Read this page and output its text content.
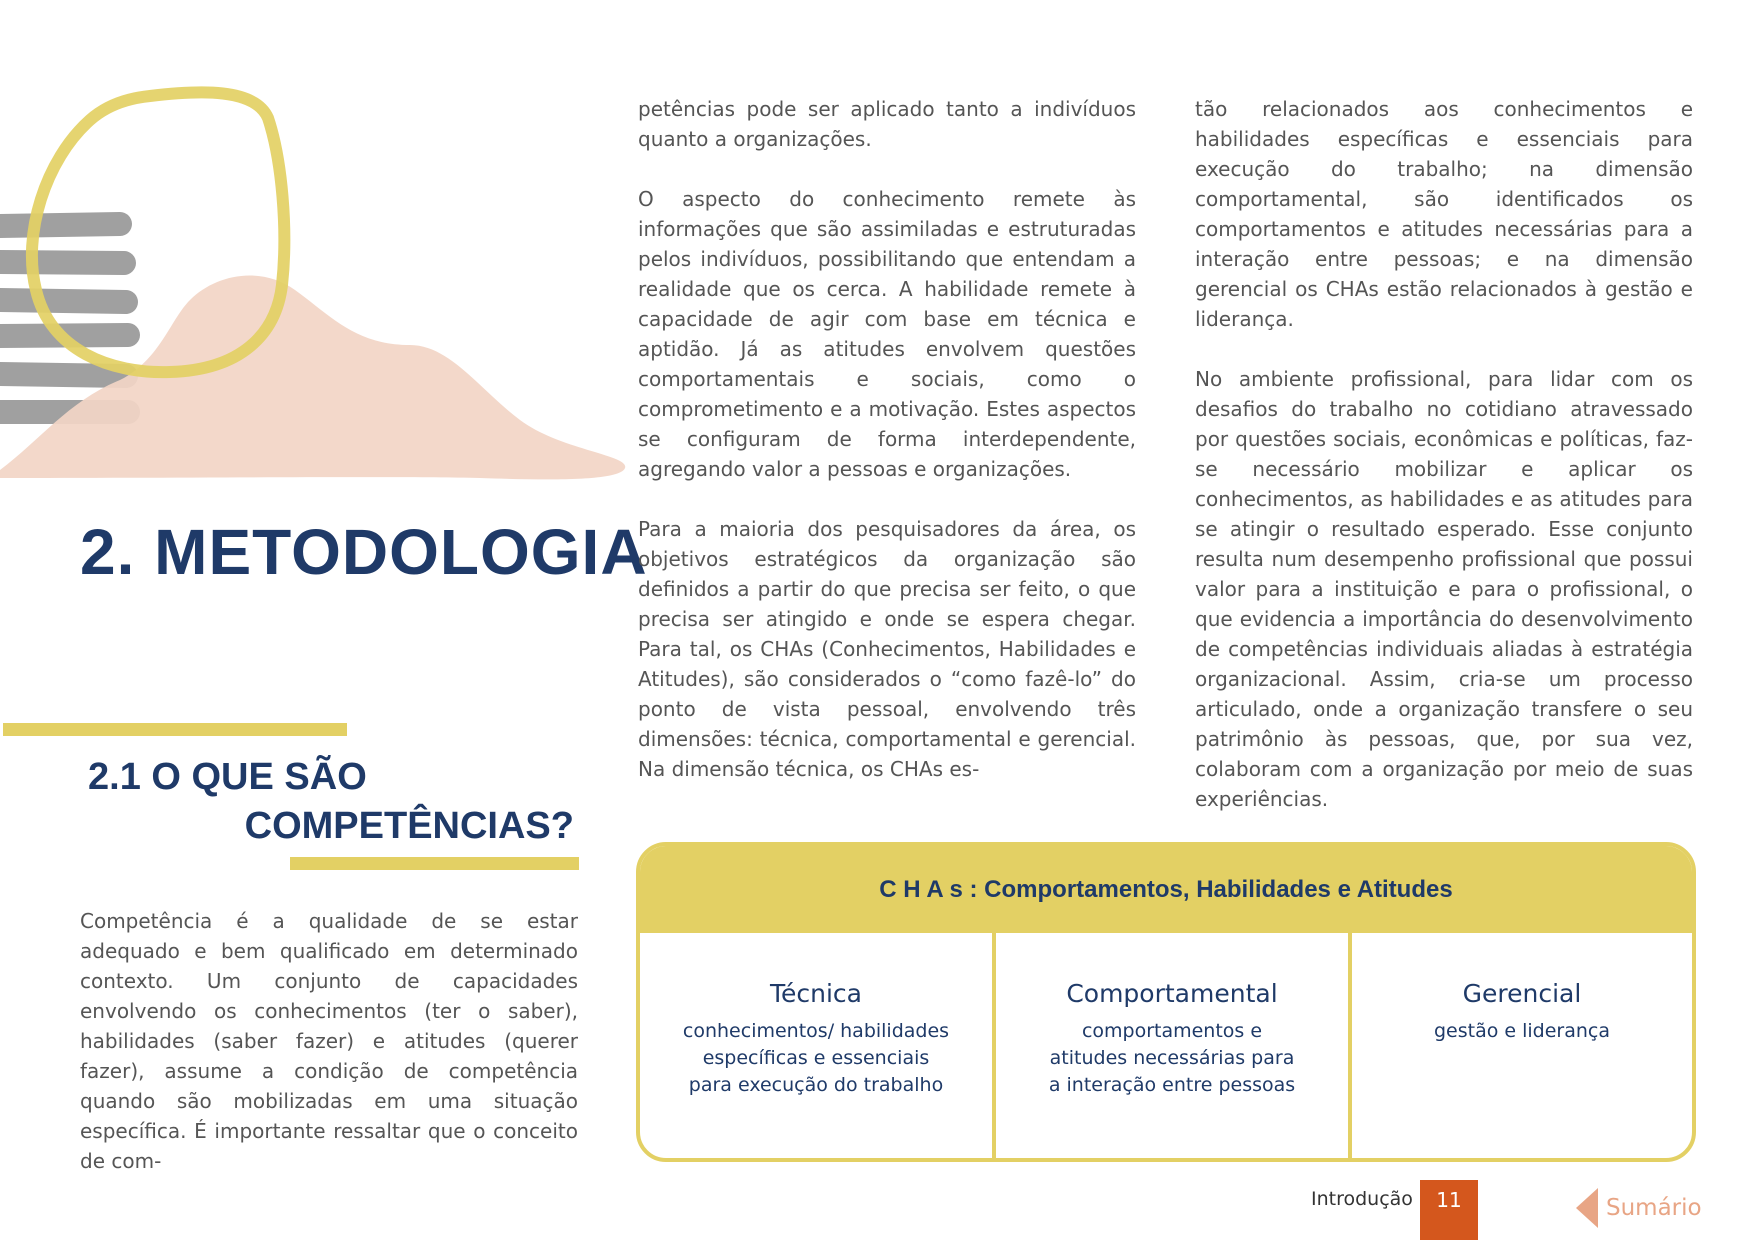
2. METODOLOGIA
2.1 O QUE SÃO
COMPETÊNCIAS?

Competência é a qualidade de se estar adequado e bem qualificado em determinado contexto. Um conjunto de capacidades envolvendo os conhecimentos (ter o saber), habilidades (saber fazer) e atitudes (querer fazer), assume a condição de competência quando são mobilizadas em uma situação específica. É importante ressaltar que o conceito de com-

petências pode ser aplicado tanto a indivíduos quanto a organizações.

O aspecto do conhecimento remete às informações que são assimiladas e estruturadas pelos indivíduos, possibilitando que entendam a realidade que os cerca. A habilidade remete à capacidade de agir com base em técnica e aptidão. Já as atitudes envolvem questões comportamentais e sociais, como o comprometimento e a motivação. Estes aspectos se configuram de forma interdependente, agregando valor a pessoas e organizações.

Para a maioria dos pesquisadores da área, os objetivos estratégicos da organização são definidos a partir do que precisa ser feito, o que precisa ser atingido e onde se espera chegar. Para tal, os CHAs (Conhecimentos, Habilidades e Atitudes), são considerados o “como fazê-lo” do ponto de vista pessoal, envolvendo três dimensões: técnica, comportamental e gerencial. Na dimensão técnica, os CHAs es-

tão relacionados aos conhecimentos e habilidades específicas e essenciais para execução do trabalho; na dimensão comportamental, são identificados os comportamentos e atitudes necessárias para a interação entre pessoas; e na dimensão gerencial os CHAs estão relacionados à gestão e liderança.

No ambiente profissional, para lidar com os desafios do trabalho no cotidiano atravessado por questões sociais, econômicas e políticas, faz-se necessário mobilizar e aplicar os conhecimentos, as habilidades e as atitudes para se atingir o resultado esperado. Esse conjunto resulta num desempenho profissional que possui valor para a instituição e para o profissional, o que evidencia a importância do desenvolvimento de competências individuais aliadas à estratégia organizacional. Assim, cria-se um processo articulado, onde a organização transfere o seu patrimônio às pessoas, que, por sua vez, colaboram com a organização por meio de suas experiências.

C H A s : Comportamentos, Habilidades e Atitudes
Técnica
conhecimentos/ habilidades
específicas e essenciais
para execução do trabalho
Comportamental
comportamentos e
atitudes necessárias para
a interação entre pessoas
Gerencial
gestão e liderança
Introdução	11	Sumário
